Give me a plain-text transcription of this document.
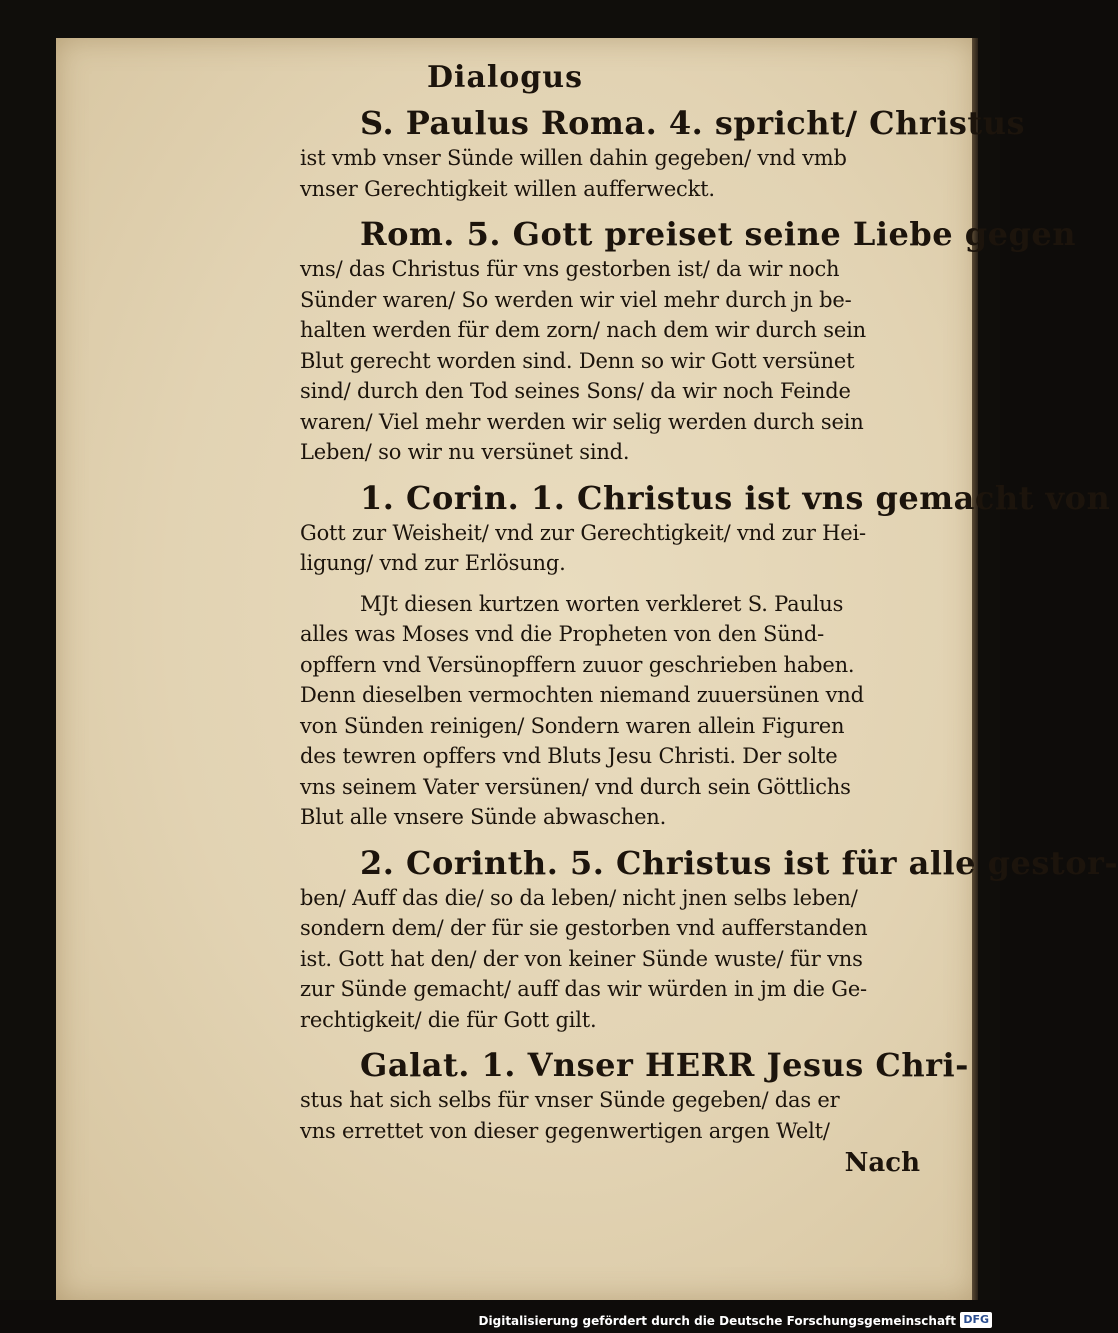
Dialogus
S. Paulus Roma. 4. spricht/ Christus
ist vmb vnser Sünde willen dahin gegeben/ vnd vmb
vnser Gerechtigkeit willen aufferweckt.
Rom. 5. Gott preiset seine Liebe gegen
vns/ das Christus für vns gestorben ist/ da wir noch
Sünder waren/ So werden wir viel mehr durch jn be-
halten werden für dem zorn/ nach dem wir durch sein
Blut gerecht worden sind. Denn so wir Gott versünet
sind/ durch den Tod seines Sons/ da wir noch Feinde
waren/ Viel mehr werden wir selig werden durch sein
Leben/ so wir nu versünet sind.
1. Corin. 1. Christus ist vns gemacht von
Gott zur Weisheit/ vnd zur Gerechtigkeit/ vnd zur Hei-
ligung/ vnd zur Erlösung.
MJt diesen kurtzen worten verkleret S. Paulus
alles was Moses vnd die Propheten von den Sünd-
opffern vnd Versünopffern zuuor geschrieben haben.
Denn dieselben vermochten niemand zuuersünen vnd
von Sünden reinigen/ Sondern waren allein Figuren
des tewren opffers vnd Bluts Jesu Christi. Der solte
vns seinem Vater versünen/ vnd durch sein Göttlichs
Blut alle vnsere Sünde abwaschen.
2. Corinth. 5. Christus ist für alle gestor-
ben/ Auff das die/ so da leben/ nicht jnen selbs leben/
sondern dem/ der für sie gestorben vnd aufferstanden
ist. Gott hat den/ der von keiner Sünde wuste/ für vns
zur Sünde gemacht/ auff das wir würden in jm die Ge-
rechtigkeit/ die für Gott gilt.
Galat. 1. Vnser HERR Jesus Chri-
stus hat sich selbs für vnser Sünde gegeben/ das er
vns errettet von dieser gegenwertigen argen Welt/
Nach
Digitalisierung gefördert durch die Deutsche Forschungsgemeinschaft DFG
